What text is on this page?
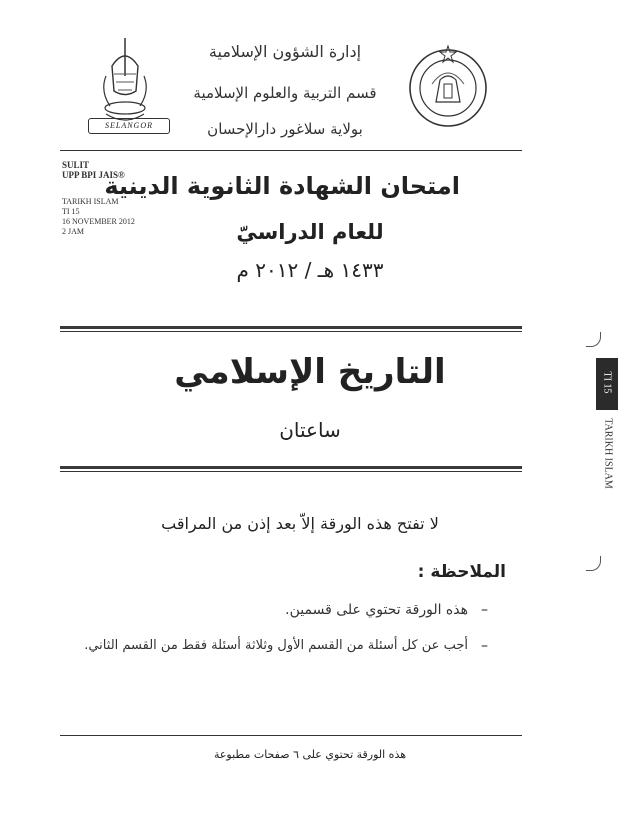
SELANGOR
إدارة الشؤون الإسلامية
قسم التربية والعلوم الإسلامية
بولاية سلاغور دارالإحسان
SULIT
UPP BPI JAIS®
TARIKH ISLAM
TI 15
16 NOVEMBER 2012
2 JAM
امتحان الشهادة الثانوية الدينية
للعام الدراسيّ
١٤٣٣ هـ / ٢٠١٢ م
التاريخ الإسلامي
ساعتان
TI 15
TARIKH ISLAM
لا تفتح هذه الورقة إلاّ بعد إذن من المراقب
الملاحظة :
–
هذه الورقة تحتوي على قسمين.
–
أجب عن كل أسئلة من القسم الأول وثلاثة أسئلة فقط من القسم الثاني.
هذه الورقة تحتوي على ٦ صفحات مطبوعة
